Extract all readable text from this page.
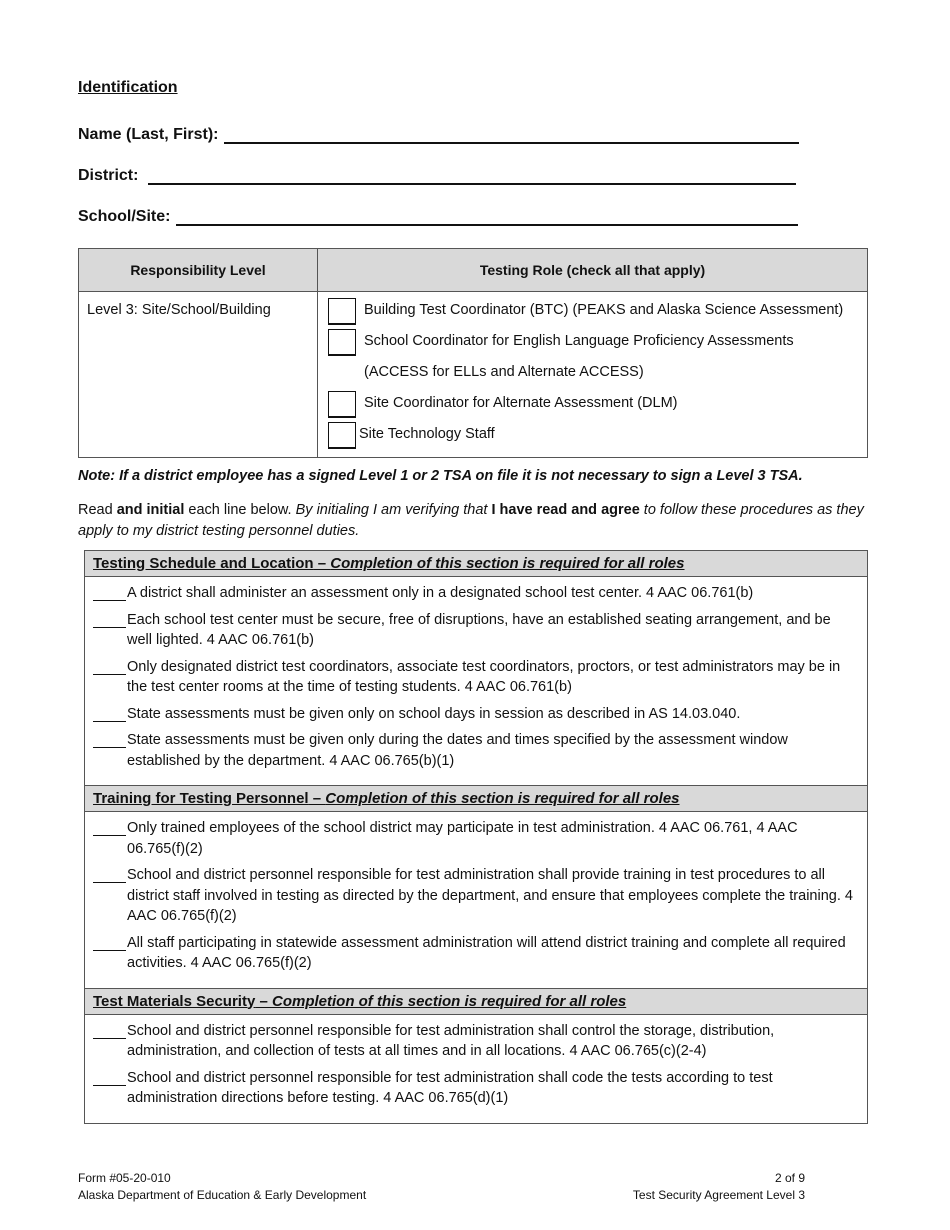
Identification
Name (Last, First):
District:
School/Site:
Responsibility Level	Testing Role (check all that apply)
Level 3: Site/School/Building	Building Test Coordinator (BTC) (PEAKS and Alaska Science Assessment)
School Coordinator for English Language Proficiency Assessments
(ACCESS for ELLs and Alternate ACCESS)
Site Coordinator for Alternate Assessment (DLM)
Site Technology Staff
Note: If a district employee has a signed Level 1 or 2 TSA on file it is not necessary to sign a Level 3 TSA.
Read and initial each line below. By initialing I am verifying that I have read and agree to follow these procedures as they apply to my district testing personnel duties.
Testing Schedule and Location – Completion of this section is required for all roles
A district shall administer an assessment only in a designated school test center. 4 AAC 06.761(b)
Each school test center must be secure, free of disruptions, have an established seating arrangement, and be well lighted. 4 AAC 06.761(b)
Only designated district test coordinators, associate test coordinators, proctors, or test administrators may be in the test center rooms at the time of testing students. 4 AAC 06.761(b)
State assessments must be given only on school days in session as described in AS 14.03.040.
State assessments must be given only during the dates and times specified by the assessment window established by the department. 4 AAC 06.765(b)(1)
Training for Testing Personnel – Completion of this section is required for all roles
Only trained employees of the school district may participate in test administration. 4 AAC 06.761, 4 AAC 06.765(f)(2)
School and district personnel responsible for test administration shall provide training in test procedures to all district staff involved in testing as directed by the department, and ensure that employees complete the training. 4 AAC 06.765(f)(2)
All staff participating in statewide assessment administration will attend district training and complete all required activities. 4 AAC 06.765(f)(2)
Test Materials Security – Completion of this section is required for all roles
School and district personnel responsible for test administration shall control the storage, distribution, administration, and collection of tests at all times and in all locations. 4 AAC 06.765(c)(2-4)
School and district personnel responsible for test administration shall code the tests according to test administration directions before testing. 4 AAC 06.765(d)(1)
Form #05-20-010
Alaska Department of Education & Early Development
2 of 9
Test Security Agreement Level 3
